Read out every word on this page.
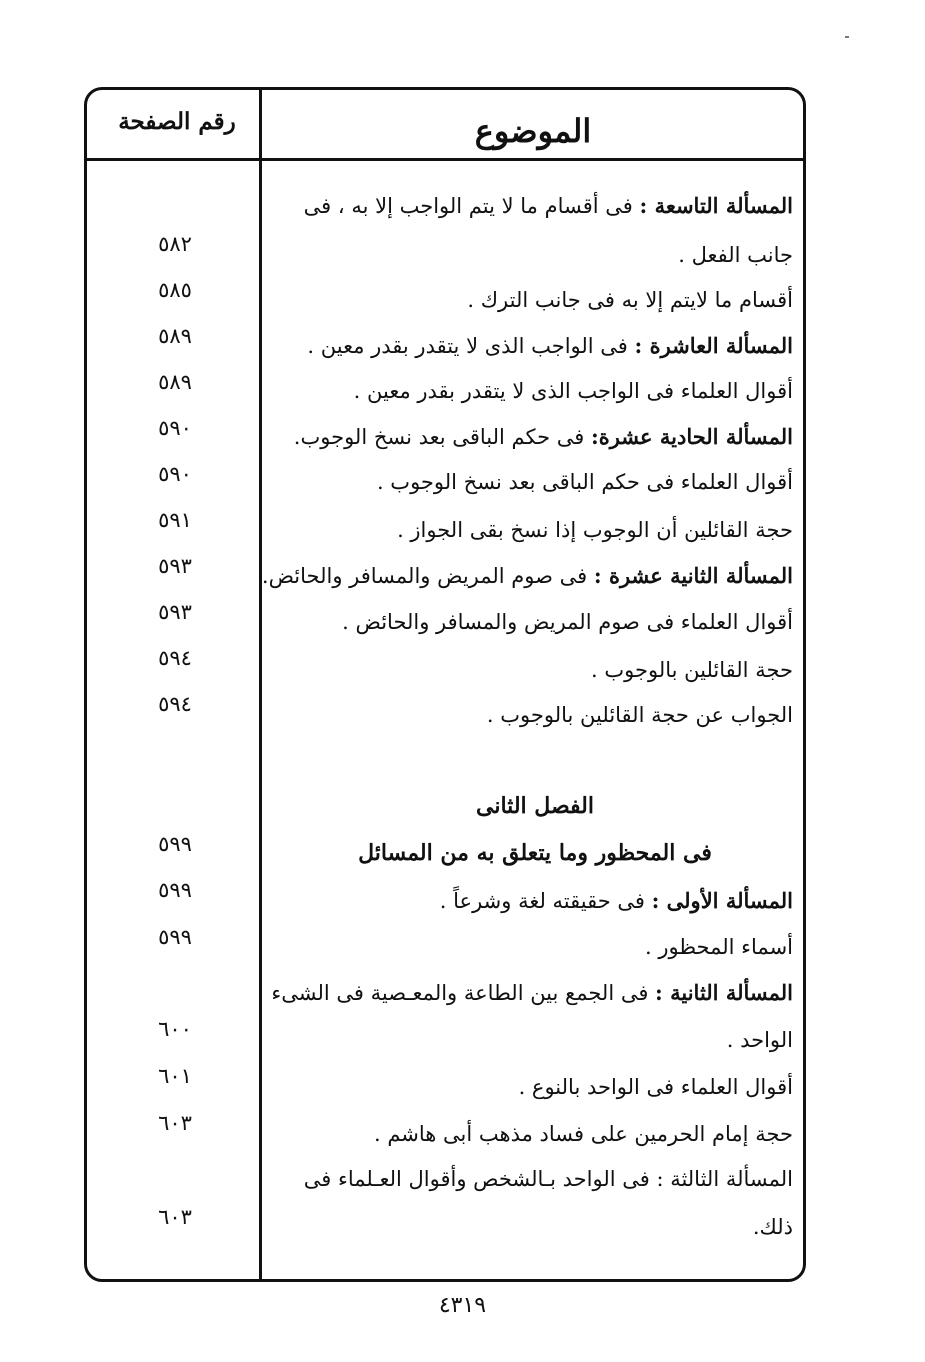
الموضوع
رقم الصفحة
المسألة التاسعة : فى أقسام ما لا يتم الواجب إلا به ، فى
جانب الفعل .
أقسام ما لايتم إلا به فى جانب الترك .
المسألة العاشرة : فى الواجب الذى لا يتقدر بقدر معين .
أقوال العلماء فى الواجب الذى لا يتقدر بقدر معين .
المسألة الحادية عشرة: فى حكم الباقى بعد نسخ الوجوب.
أقوال العلماء فى حكم الباقى بعد نسخ الوجوب .
حجة القائلين أن الوجوب إذا نسخ بقى الجواز .
المسألة الثانية عشرة : فى صوم المريض والمسافر والحائض.
أقوال العلماء فى صوم المريض والمسافر والحائض .
حجة القائلين بالوجوب .
الجواب عن حجة القائلين بالوجوب .
الفصل الثانى
فى المحظور وما يتعلق به من المسائل
المسألة الأولى : فى حقيقته لغة وشرعاً .
أسماء المحظور .
المسألة الثانية : فى الجمع بين الطاعة والمعـصية فى الشىء
الواحد .
أقوال العلماء فى الواحد بالنوع .
حجة إمام الحرمين على فساد مذهب أبى هاشم .
المسألة الثالثة : فى الواحد بـالشخص وأقوال العـلماء فى
ذلك.
٥٨٢
٥٨٥
٥٨٩
٥٨٩
٥٩٠
٥٩٠
٥٩١
٥٩٣
٥٩٣
٥٩٤
٥٩٤
٥٩٩
٥٩٩
٥٩٩
٦٠٠
٦٠١
٦٠٣
٦٠٣
٤٣١٩
